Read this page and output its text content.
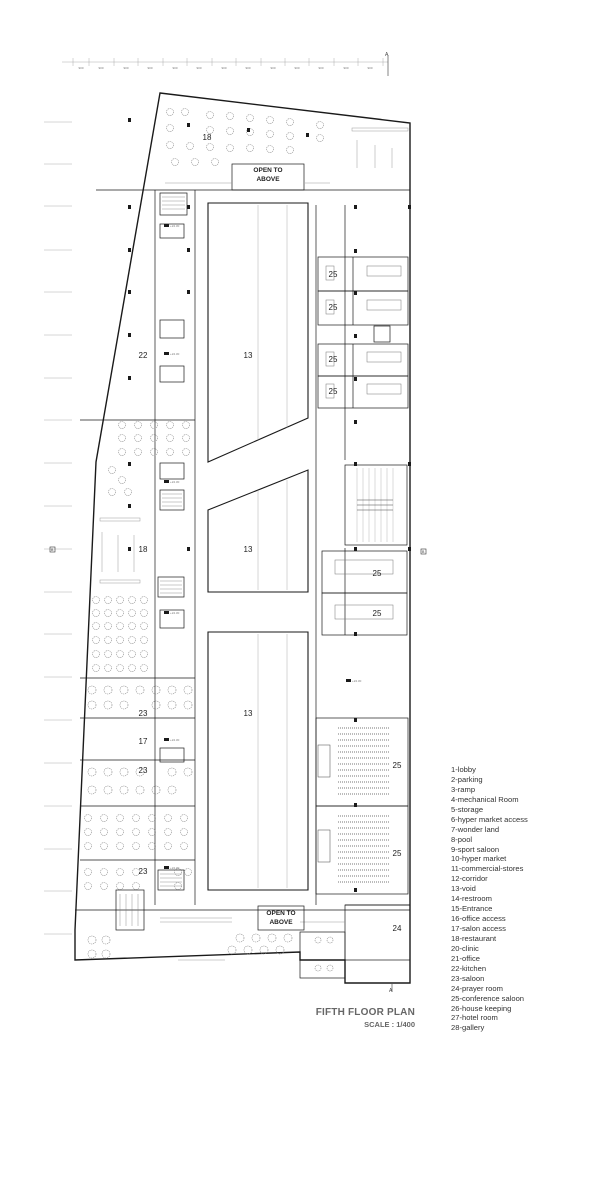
900	900	900	900	900	900	900	900	900	900	900	900	900
A
A
B	B
+24.30
+24.30
+24.30
+24.30
+24.30
+24.30
+24.30
OPEN TO
ABOVE
OPEN TO
ABOVE
18
22	13
13
13
18
23
17
23
23
25
25
25
25
25
25
25
25
24
1-lobby
2-parking
3-ramp
4-mechanical Room
5-storage
6-hyper market access
7-wonder land
8-pool
9-sport saloon
10-hyper market
11-commercial-stores
12-corridor
13-void
14-restroom
15-Entrance
16-office access
17-salon access
18-restaurant
20-clinic
21-office
22-kitchen
23-saloon
24-prayer room
25-conference saloon
26-house keeping
27-hotel room
28-gallery
FIFTH FLOOR PLAN
SCALE : 1/400
